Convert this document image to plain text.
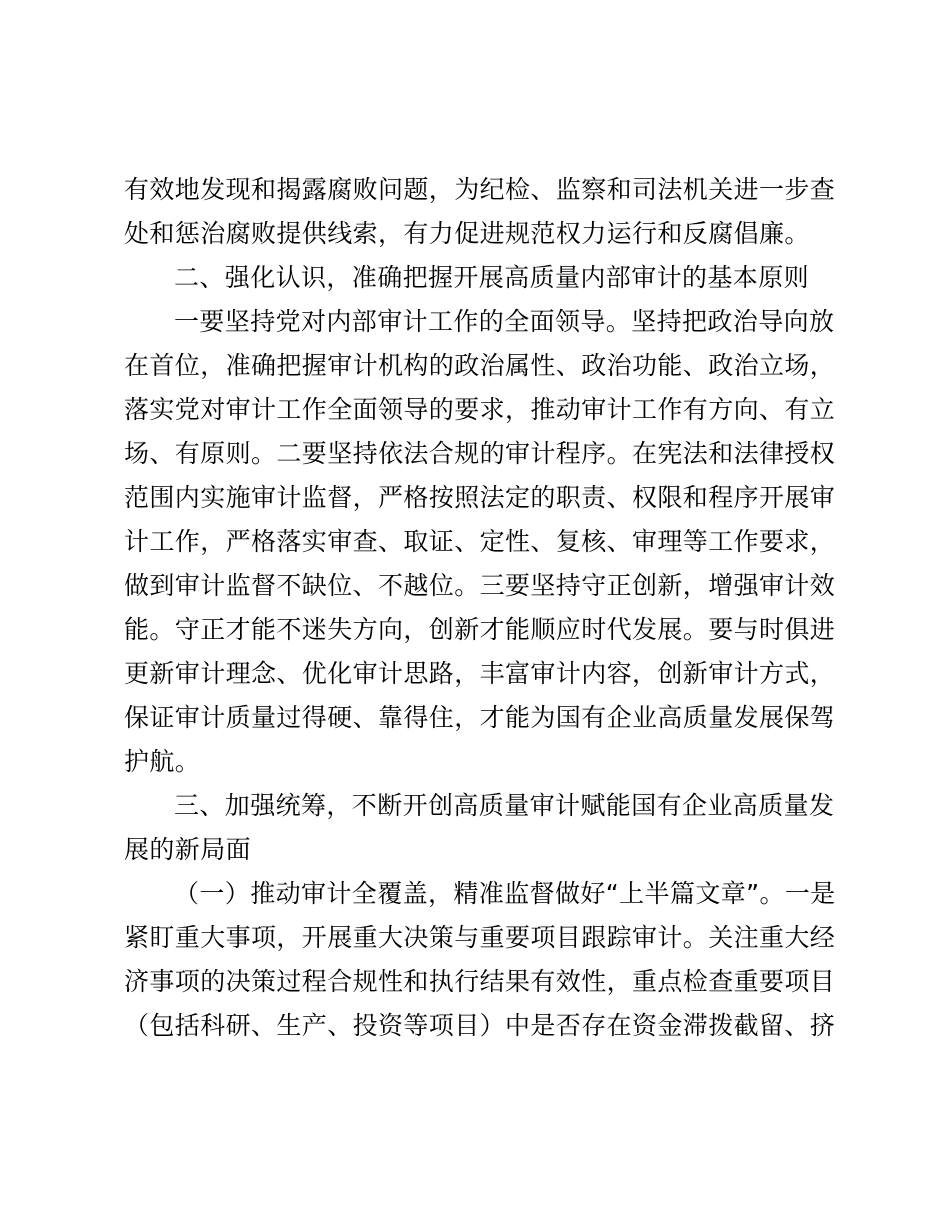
有效地发现和揭露腐败问题，为纪检、监察和司法机关进一步查
处和惩治腐败提供线索，有力促进规范权力运行和反腐倡廉。
二、强化认识，准确把握开展高质量内部审计的基本原则
一要坚持党对内部审计工作的全面领导。坚持把政治导向放
在首位，准确把握审计机构的政治属性、政治功能、政治立场，
落实党对审计工作全面领导的要求，推动审计工作有方向、有立
场、有原则。二要坚持依法合规的审计程序。在宪法和法律授权
范围内实施审计监督，严格按照法定的职责、权限和程序开展审
计工作，严格落实审查、取证、定性、复核、审理等工作要求，
做到审计监督不缺位、不越位。三要坚持守正创新，增强审计效
能。守正才能不迷失方向，创新才能顺应时代发展。要与时俱进
更新审计理念、优化审计思路，丰富审计内容，创新审计方式，
保证审计质量过得硬、靠得住，才能为国有企业高质量发展保驾
护航。
三、加强统筹，不断开创高质量审计赋能国有企业高质量发
展的新局面
（一）推动审计全覆盖，精准监督做好“上半篇文章”。一是
紧盯重大事项，开展重大决策与重要项目跟踪审计。关注重大经
济事项的决策过程合规性和执行结果有效性，重点检查重要项目
（包括科研、生产、投资等项目）中是否存在资金滞拨截留、挤
